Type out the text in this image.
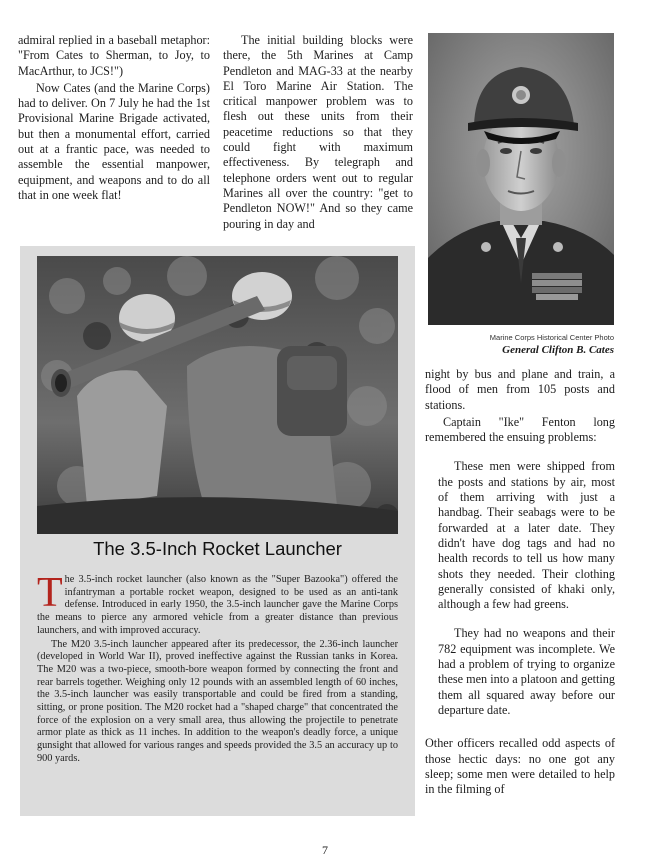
admiral replied in a baseball metaphor: "From Cates to Sherman, to Joy, to MacArthur, to JCS!")

Now Cates (and the Marine Corps) had to deliver. On 7 July he had the 1st Provisional Marine Brigade activated, but then a monumental effort, carried out at a frantic pace, was needed to assemble the essential manpower, equipment, and weapons and to do all that in one week flat!

The initial building blocks were there, the 5th Marines at Camp Pendleton and MAG-33 at the nearby El Toro Marine Air Station. The critical manpower problem was to flesh out these units from their peacetime reductions so that they could fight with maximum effectiveness. By telegraph and telephone orders went out to regular Marines all over the country: "get to Pendleton NOW!" And so they came pouring in day and

Marine Corps Historical Center Photo
General Clifton B. Cates

night by bus and plane and train, a flood of men from 105 posts and stations.

Captain "Ike" Fenton long remembered the ensuing problems:

These men were shipped from the posts and stations by air, most of them arriving with just a handbag. Their seabags were to be forwarded at a later date. They didn't have dog tags and had no health records to tell us how many shots they needed. Their clothing generally consisted of khaki only, although a few had greens.

They had no weapons and their 782 equipment was incomplete. We had a problem of trying to organize these men into a platoon and getting them all squared away before our departure date.

Other officers recalled odd aspects of those hectic days: no one got any sleep; some men were detailed to help in the filming of

The 3.5-Inch Rocket Launcher

The 3.5-inch rocket launcher (also known as the "Super Bazooka") offered the infantryman a portable rocket weapon, designed to be used as an anti-tank defense. Introduced in early 1950, the 3.5-inch launcher gave the Marine Corps the means to pierce any armored vehicle from a greater distance than previous launchers, and with improved accuracy.

The M20 3.5-inch launcher appeared after its predecessor, the 2.36-inch launcher (developed in World War II), proved ineffective against the Russian tanks in Korea. The M20 was a two-piece, smooth-bore weapon formed by connecting the front and rear barrels together. Weighing only 12 pounds with an assembled length of 60 inches, the 3.5-inch launcher was easily transportable and could be fired from a standing, sitting, or prone position. The M20 rocket had a "shaped charge" that concentrated the force of the explosion on a very small area, thus allowing the projectile to penetrate armor plate as thick as 11 inches. In addition to the weapon's deadly force, a unique gunsight that allowed for various ranges and speeds provided the 3.5 an accuracy up to 900 yards.

7
